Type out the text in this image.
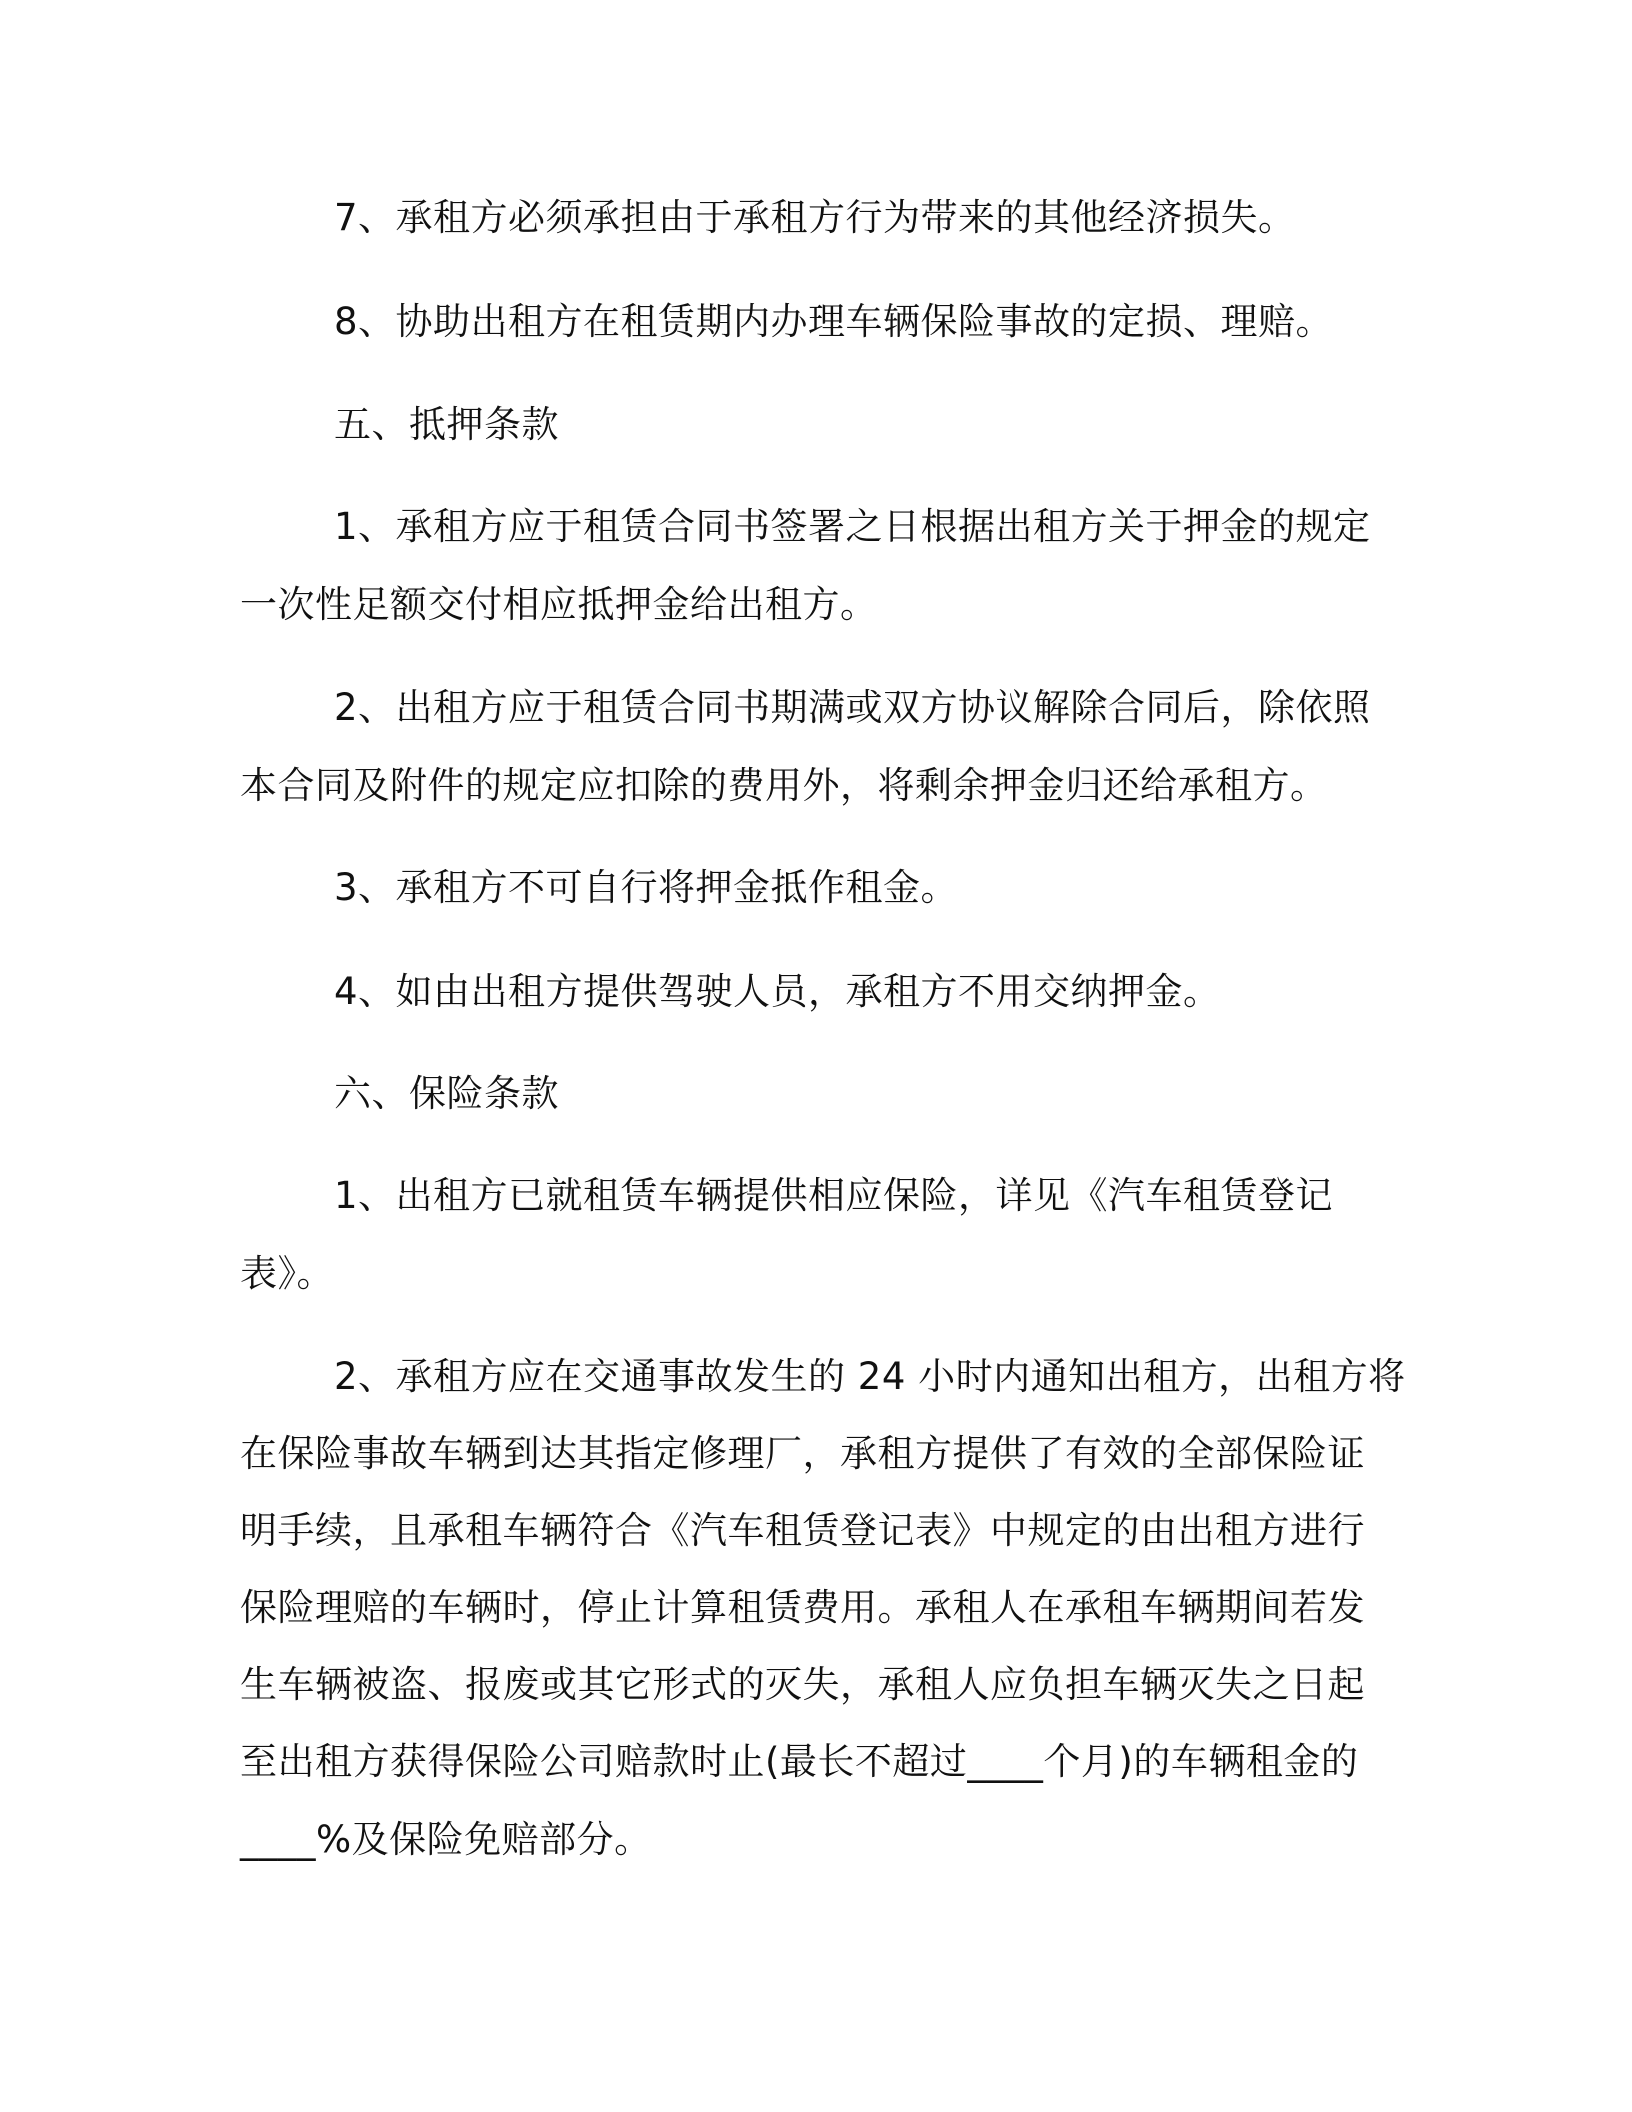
7、承租方必须承担由于承租方行为带来的其他经济损失。
8、协助出租方在租赁期内办理车辆保险事故的定损、理赔。
五、抵押条款
1、承租方应于租赁合同书签署之日根据出租方关于押金的规定
一次性足额交付相应抵押金给出租方。
2、出租方应于租赁合同书期满或双方协议解除合同后，除依照
本合同及附件的规定应扣除的费用外，将剩余押金归还给承租方。
3、承租方不可自行将押金抵作租金。
4、如由出租方提供驾驶人员，承租方不用交纳押金。
六、保险条款
1、出租方已就租赁车辆提供相应保险，详见《汽车租赁登记
表》。
2、承租方应在交通事故发生的 24 小时内通知出租方，出租方将
在保险事故车辆到达其指定修理厂，承租方提供了有效的全部保险证
明手续，且承租车辆符合《汽车租赁登记表》中规定的由出租方进行
保险理赔的车辆时，停止计算租赁费用。承租人在承租车辆期间若发
生车辆被盗、报废或其它形式的灭失，承租人应负担车辆灭失之日起
至出租方获得保险公司赔款时止(最长不超过____个月)的车辆租金的
____%及保险免赔部分。
